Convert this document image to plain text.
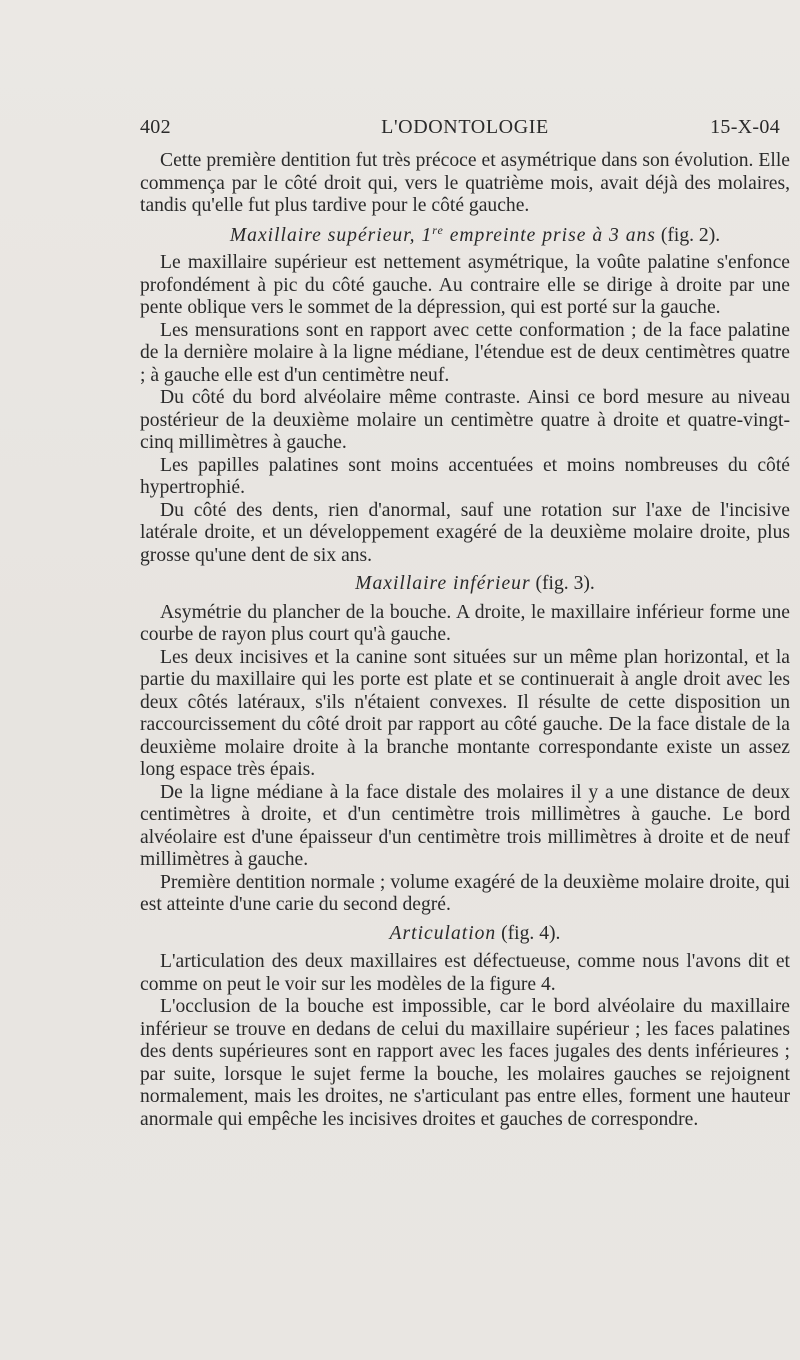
402	L'ODONTOLOGIE	15-X-04

Cette première dentition fut très précoce et asymétrique dans son évolution. Elle commença par le côté droit qui, vers le quatrième mois, avait déjà des molaires, tandis qu'elle fut plus tardive pour le côté gauche.

Maxillaire supérieur, 1re empreinte prise à 3 ans (fig. 2).

Le maxillaire supérieur est nettement asymétrique, la voûte palatine s'enfonce profondément à pic du côté gauche. Au contraire elle se dirige à droite par une pente oblique vers le sommet de la dépression, qui est porté sur la gauche.

Les mensurations sont en rapport avec cette conformation ; de la face palatine de la dernière molaire à la ligne médiane, l'étendue est de deux centimètres quatre ; à gauche elle est d'un centimètre neuf.

Du côté du bord alvéolaire même contraste. Ainsi ce bord mesure au niveau postérieur de la deuxième molaire un centimètre quatre à droite et quatre-vingt-cinq millimètres à gauche.

Les papilles palatines sont moins accentuées et moins nombreuses du côté hypertrophié.

Du côté des dents, rien d'anormal, sauf une rotation sur l'axe de l'incisive latérale droite, et un développement exagéré de la deuxième molaire droite, plus grosse qu'une dent de six ans.

Maxillaire inférieur (fig. 3).

Asymétrie du plancher de la bouche. A droite, le maxillaire inférieur forme une courbe de rayon plus court qu'à gauche.

Les deux incisives et la canine sont situées sur un même plan horizontal, et la partie du maxillaire qui les porte est plate et se continuerait à angle droit avec les deux côtés latéraux, s'ils n'étaient convexes. Il résulte de cette disposition un raccourcissement du côté droit par rapport au côté gauche. De la face distale de la deuxième molaire droite à la branche montante correspondante existe un assez long espace très épais.

De la ligne médiane à la face distale des molaires il y a une distance de deux centimètres à droite, et d'un centimètre trois millimètres à gauche. Le bord alvéolaire est d'une épaisseur d'un centimètre trois millimètres à droite et de neuf millimètres à gauche.

Première dentition normale ; volume exagéré de la deuxième molaire droite, qui est atteinte d'une carie du second degré.

Articulation (fig. 4).

L'articulation des deux maxillaires est défectueuse, comme nous l'avons dit et comme on peut le voir sur les modèles de la figure 4.

L'occlusion de la bouche est impossible, car le bord alvéolaire du maxillaire inférieur se trouve en dedans de celui du maxillaire supérieur ; les faces palatines des dents supérieures sont en rapport avec les faces jugales des dents inférieures ; par suite, lorsque le sujet ferme la bouche, les molaires gauches se rejoignent normalement, mais les droites, ne s'articulant pas entre elles, forment une hauteur anormale qui empêche les incisives droites et gauches de correspondre.
